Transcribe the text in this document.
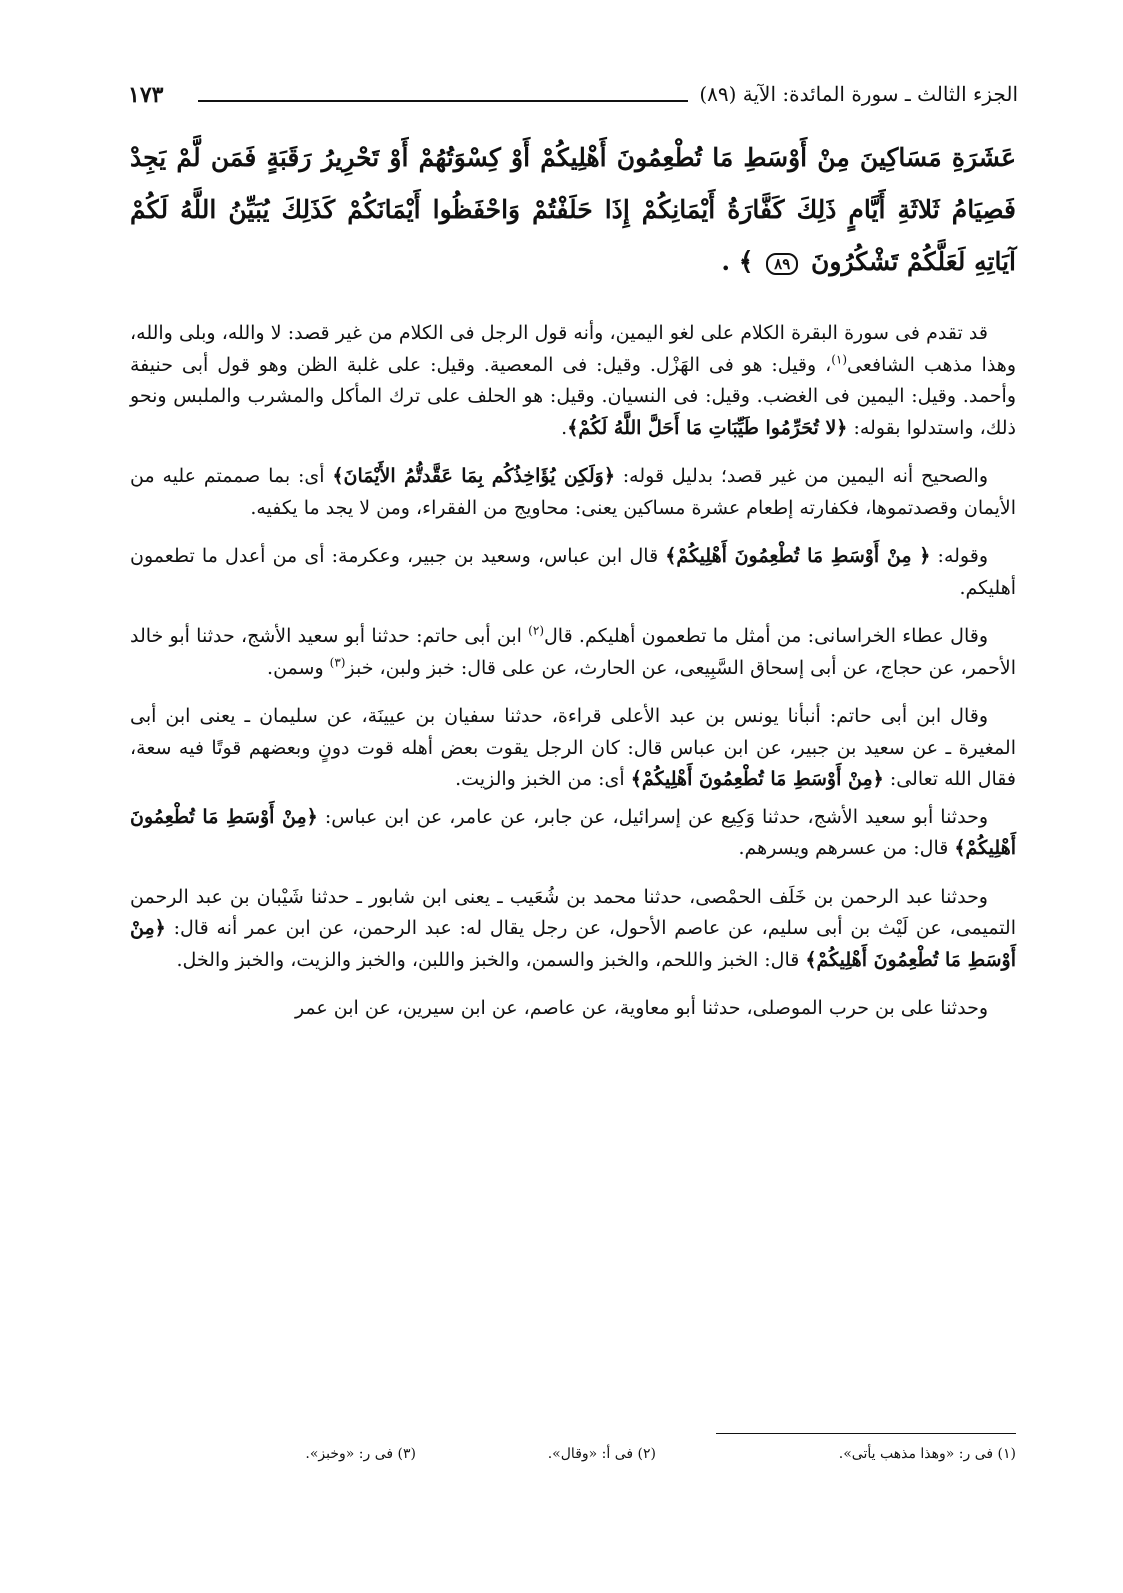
الجزء الثالث ـ سورة المائدة: الآية (٨٩)
١٧٣
عَشَرَةِ مَسَاكِينَ مِنْ أَوْسَطِ مَا تُطْعِمُونَ أَهْلِيكُمْ أَوْ كِسْوَتُهُمْ أَوْ تَحْرِيرُ رَقَبَةٍ فَمَن لَّمْ يَجِدْ فَصِيَامُ ثَلاثَةِ أَيَّامٍ ذَلِكَ كَفَّارَةُ أَيْمَانِكُمْ إِذَا حَلَفْتُمْ وَاحْفَظُوا أَيْمَانَكُمْ كَذَلِكَ يُبَيِّنُ اللَّهُ لَكُمْ آيَاتِهِ لَعَلَّكُمْ تَشْكُرُونَ ٨٩ ﴾ .

قد تقدم فى سورة البقرة الكلام على لغو اليمين، وأنه قول الرجل فى الكلام من غير قصد: لا والله، وبلى والله، وهذا مذهب الشافعى$^{(١)}$، وقيل: هو فى الهَزْل. وقيل: فى المعصية. وقيل: على غلبة الظن وهو قول أبى حنيفة وأحمد. وقيل: اليمين فى الغضب. وقيل: فى النسيان. وقيل: هو الحلف على ترك المأكل والمشرب والملبس ونحو ذلك، واستدلوا بقوله: ﴿لا تُحَرِّمُوا طَيِّبَاتِ مَا أَحَلَّ اللَّهُ لَكُمْ﴾.

والصحيح أنه اليمين من غير قصد؛ بدليل قوله: ﴿وَلَكِن يُؤَاخِذُكُم بِمَا عَقَّدتُّمُ الأَيْمَانَ﴾ أى: بما صممتم عليه من الأيمان وقصدتموها، فكفارته إطعام عشرة مساكين يعنى: محاويج من الفقراء، ومن لا يجد ما يكفيه.

وقوله: ﴿ مِنْ أَوْسَطِ مَا تُطْعِمُونَ أَهْلِيكُمْ﴾ قال ابن عباس، وسعيد بن جبير، وعكرمة: أى من أعدل ما تطعمون أهليكم.

وقال عطاء الخراسانى: من أمثل ما تطعمون أهليكم. قال$^{(٢)}$ ابن أبى حاتم: حدثنا أبو سعيد الأشج، حدثنا أبو خالد الأحمر، عن حجاج، عن أبى إسحاق السَّبِيعى، عن الحارث، عن على قال: خبز ولبن، خبز$^{(٣)}$ وسمن.

وقال ابن أبى حاتم: أنبأنا يونس بن عبد الأعلى قراءة، حدثنا سفيان بن عيينَة، عن سليمان ـ يعنى ابن أبى المغيرة ـ عن سعيد بن جبير، عن ابن عباس قال: كان الرجل يقوت بعض أهله قوت دونٍ وبعضهم قوتًا فيه سعة، فقال الله تعالى: ﴿مِنْ أَوْسَطِ مَا تُطْعِمُونَ أَهْلِيكُمْ﴾ أى: من الخبز والزيت.

وحدثنا أبو سعيد الأشج، حدثنا وَكِيع عن إسرائيل، عن جابر، عن عامر، عن ابن عباس: ﴿مِنْ أَوْسَطِ مَا تُطْعِمُونَ أَهْلِيكُمْ﴾ قال: من عسرهم ويسرهم.

وحدثنا عبد الرحمن بن خَلَف الحمْصى، حدثنا محمد بن شُعَيب ـ يعنى ابن شابور ـ حدثنا شَيْبان بن عبد الرحمن التميمى، عن لَيْث بن أبى سليم، عن عاصم الأحول، عن رجل يقال له: عبد الرحمن، عن ابن عمر أنه قال: ﴿مِنْ أَوْسَطِ مَا تُطْعِمُونَ أَهْلِيكُمْ﴾ قال: الخبز واللحم، والخبز والسمن، والخبز واللبن، والخبز والزيت، والخبز والخل.

وحدثنا على بن حرب الموصلى، حدثنا أبو معاوية، عن عاصم، عن ابن سيرين، عن ابن عمر

(١) فى ر: «وهذا مذهب يأتى».
(٢) فى أ: «وقال».
(٣) فى ر: «وخبز».
